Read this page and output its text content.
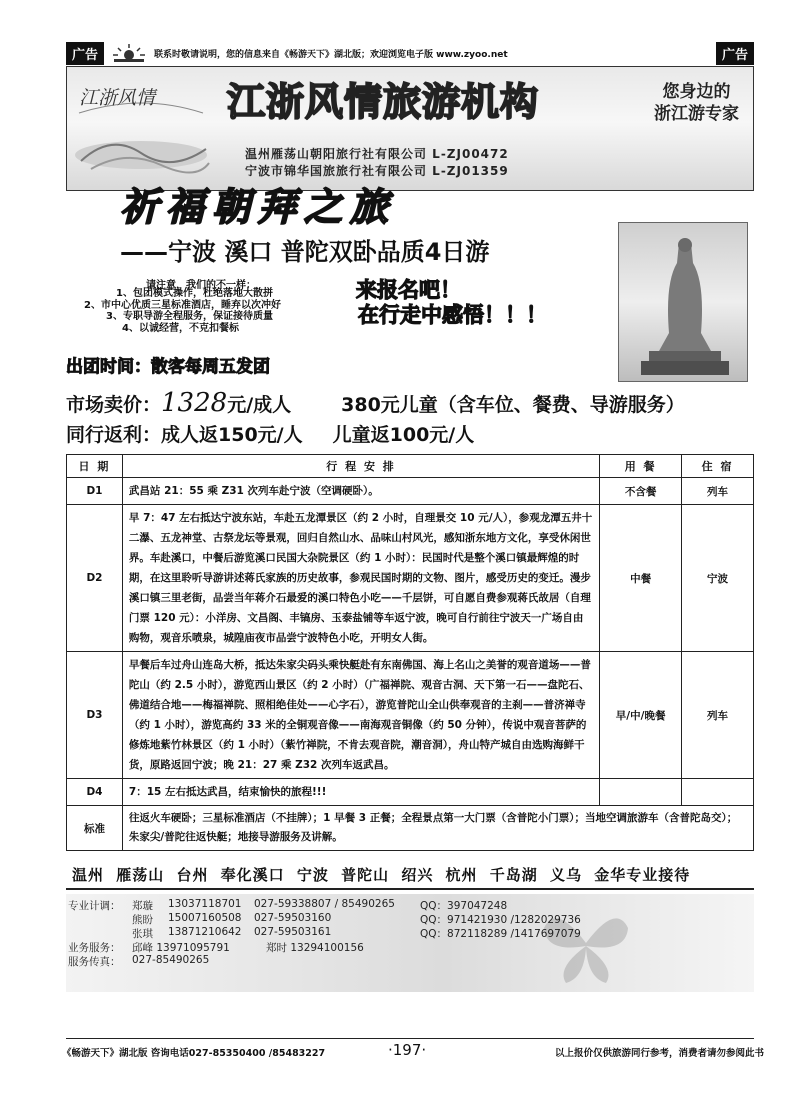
广告	联系时敬请说明，您的信息来自《畅游天下》湖北版；欢迎浏览电子版 www.zyoo.net	广告
江浙风情 江浙风情旅游机构	您身边的
浙江游专家
温州雁荡山朝阳旅行社有限公司 L-ZJ00472
宁波市锦华国旅旅行社有限公司 L-ZJ01359
祈福朝拜之旅
——宁波 溪口 普陀双卧品质4日游
请注意，我们的不一样：
1、包团模式操作，杜绝落地大散拼
2、市中心优质三星标准酒店，睡弃以次冲好
3、专职导游全程服务，保证接待质量
4、以诚经营，不克扣餐标
来报名吧！
在行走中感悟！！！
出团时间：散客每周五发团
市场卖价：1328元/成人	380元儿童（含车位、餐费、导游服务）
同行返利：成人返150元/人 儿童返100元/人
日 期	行 程 安 排	用 餐	住 宿
D1	武昌站 21：55 乘 Z31 次列车赴宁波（空调硬卧）。	不含餐	列车
D2	早 7：47 左右抵达宁波东站，车赴五龙潭景区（约 2 小时，自理景交 10 元/人），参观龙潭五井十二瀑、五龙神堂、古祭龙坛等景观，回归自然山水、品味山村风光，感知浙东地方文化，享受休闲世界。车赴溪口，中餐后游览溪口民国大杂院景区（约 1 小时）：民国时代是整个溪口镇最辉煌的时期，在这里聆听导游讲述蒋氏家族的历史故事，参观民国时期的文物、图片，感受历史的变迁。漫步溪口镇三里老街，品尝当年蒋介石最爱的溪口特色小吃——千层饼，可自愿自费参观蒋氏故居（自理门票 120 元）：小洋房、文昌阁、丰镐房、玉泰盐铺等车返宁波，晚可自行前往宁波天一广场自由购物，观音乐喷泉，城隍庙夜市品尝宁波特色小吃，开明女人街。	中餐	宁波
D3	早餐后车过舟山连岛大桥，抵达朱家尖码头乘快艇赴有东南佛国、海上名山之美誉的观音道场——普陀山（约 2.5 小时），游览西山景区（约 2 小时）（广福禅院、观音古洞、天下第一石——盘陀石、佛道结合地——梅福禅院、照相绝佳处——心字石），游览普陀山全山供奉观音的主刹——普济禅寺（约 1 小时），游览高约 33 米的全铜观音像——南海观音铜像（约 50 分钟），传说中观音菩萨的修炼地紫竹林景区（约 1 小时）（紫竹禅院，不肯去观音院，潮音洞），舟山特产城自由选购海鲜干货，原路返回宁波；晚 21：27 乘 Z32 次列车返武昌。	早/中/晚餐	列车
D4	7：15 左右抵达武昌，结束愉快的旅程!!!		
标准	往返火车硬卧；三星标准酒店（不挂牌）；1 早餐 3 正餐；全程景点第一大门票（含普陀小门票）；当地空调旅游车（含普陀岛交）；朱家尖/普陀往返快艇；地接导游服务及讲解。		
温州 雁荡山 台州 奉化溪口 宁波 普陀山 绍兴 杭州 千岛湖 义乌 金华专业接待
专业计调： 郑璇 13037118701 027-59338807 / 85490265 QQ：397047248
熊盼 15007160508 027-59503160	QQ：971421930 /1282029736
张琪 13871210642 027-59503161	QQ：872118289 /1417697079
业务服务： 邱峰 13971095791	郑时 13294100156
服务传真： 027-85490265
《畅游天下》湖北版 咨询电话027-85350400 /85483227	·197·	以上报价仅供旅游同行参考，消费者请勿参阅此书
